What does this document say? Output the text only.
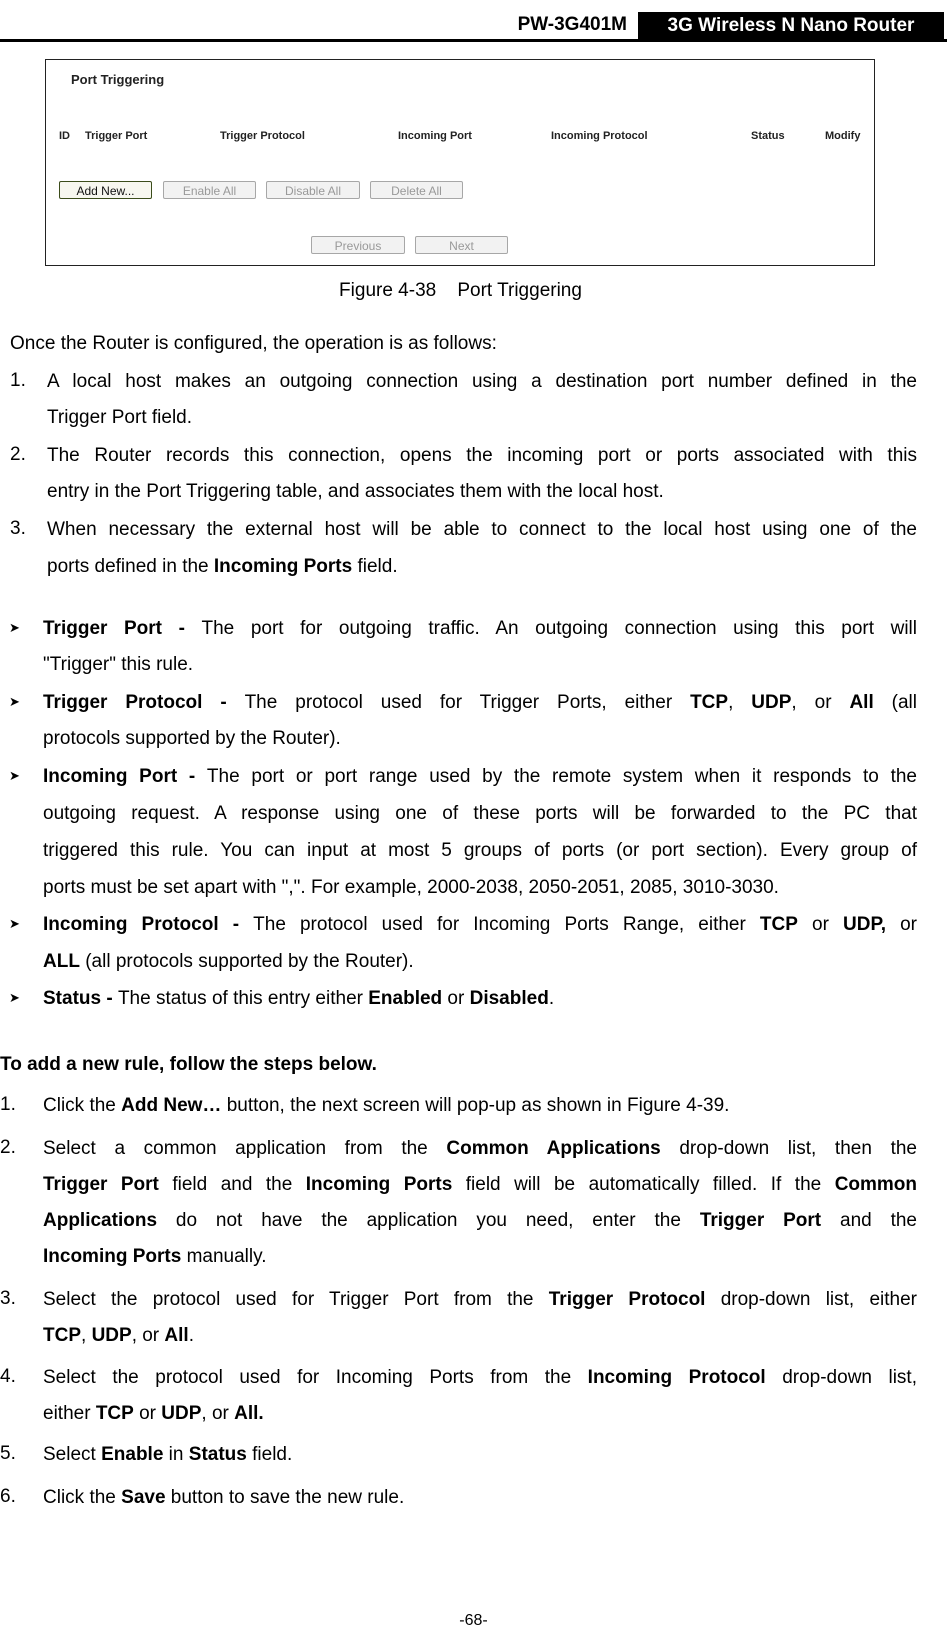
PW-3G401M	3G Wireless N Nano Router
Port Triggering
ID Trigger Port	Trigger Protocol	Incoming Port	Incoming Protocol	Status	Modify
Add New...	Enable All	Disable All	Delete All
Previous	Next
Figure 4-38    Port Triggering
Once the Router is configured, the operation is as follows:
1. A local host makes an outgoing connection using a destination port number defined in the
Trigger Port field.
2. The Router records this connection, opens the incoming port or ports associated with this
entry in the Port Triggering table, and associates them with the local host.
3. When necessary the external host will be able to connect to the local host using one of the
ports defined in the Incoming Ports field.
➤ Trigger Port - The port for outgoing traffic. An outgoing connection using this port will
"Trigger" this rule.
➤ Trigger Protocol - The protocol used for Trigger Ports, either TCP, UDP, or All (all
protocols supported by the Router).
➤ Incoming Port - The port or port range used by the remote system when it responds to the
outgoing request. A response using one of these ports will be forwarded to the PC that
triggered this rule. You can input at most 5 groups of ports (or port section). Every group of
ports must be set apart with ",". For example, 2000-2038, 2050-2051, 2085, 3010-3030.
➤ Incoming Protocol - The protocol used for Incoming Ports Range, either TCP or UDP, or
ALL (all protocols supported by the Router).
➤ Status - The status of this entry either Enabled or Disabled.
To add a new rule, follow the steps below.
1. Click the Add New… button, the next screen will pop-up as shown in Figure 4-39.
2. Select a common application from the Common Applications drop-down list, then the
Trigger Port field and the Incoming Ports field will be automatically filled. If the Common
Applications do not have the application you need, enter the Trigger Port and the
Incoming Ports manually.
3. Select the protocol used for Trigger Port from the Trigger Protocol drop-down list, either
TCP, UDP, or All.
4. Select the protocol used for Incoming Ports from the Incoming Protocol drop-down list,
either TCP or UDP, or All.
5. Select Enable in Status field.
6. Click the Save button to save the new rule.
-68-
